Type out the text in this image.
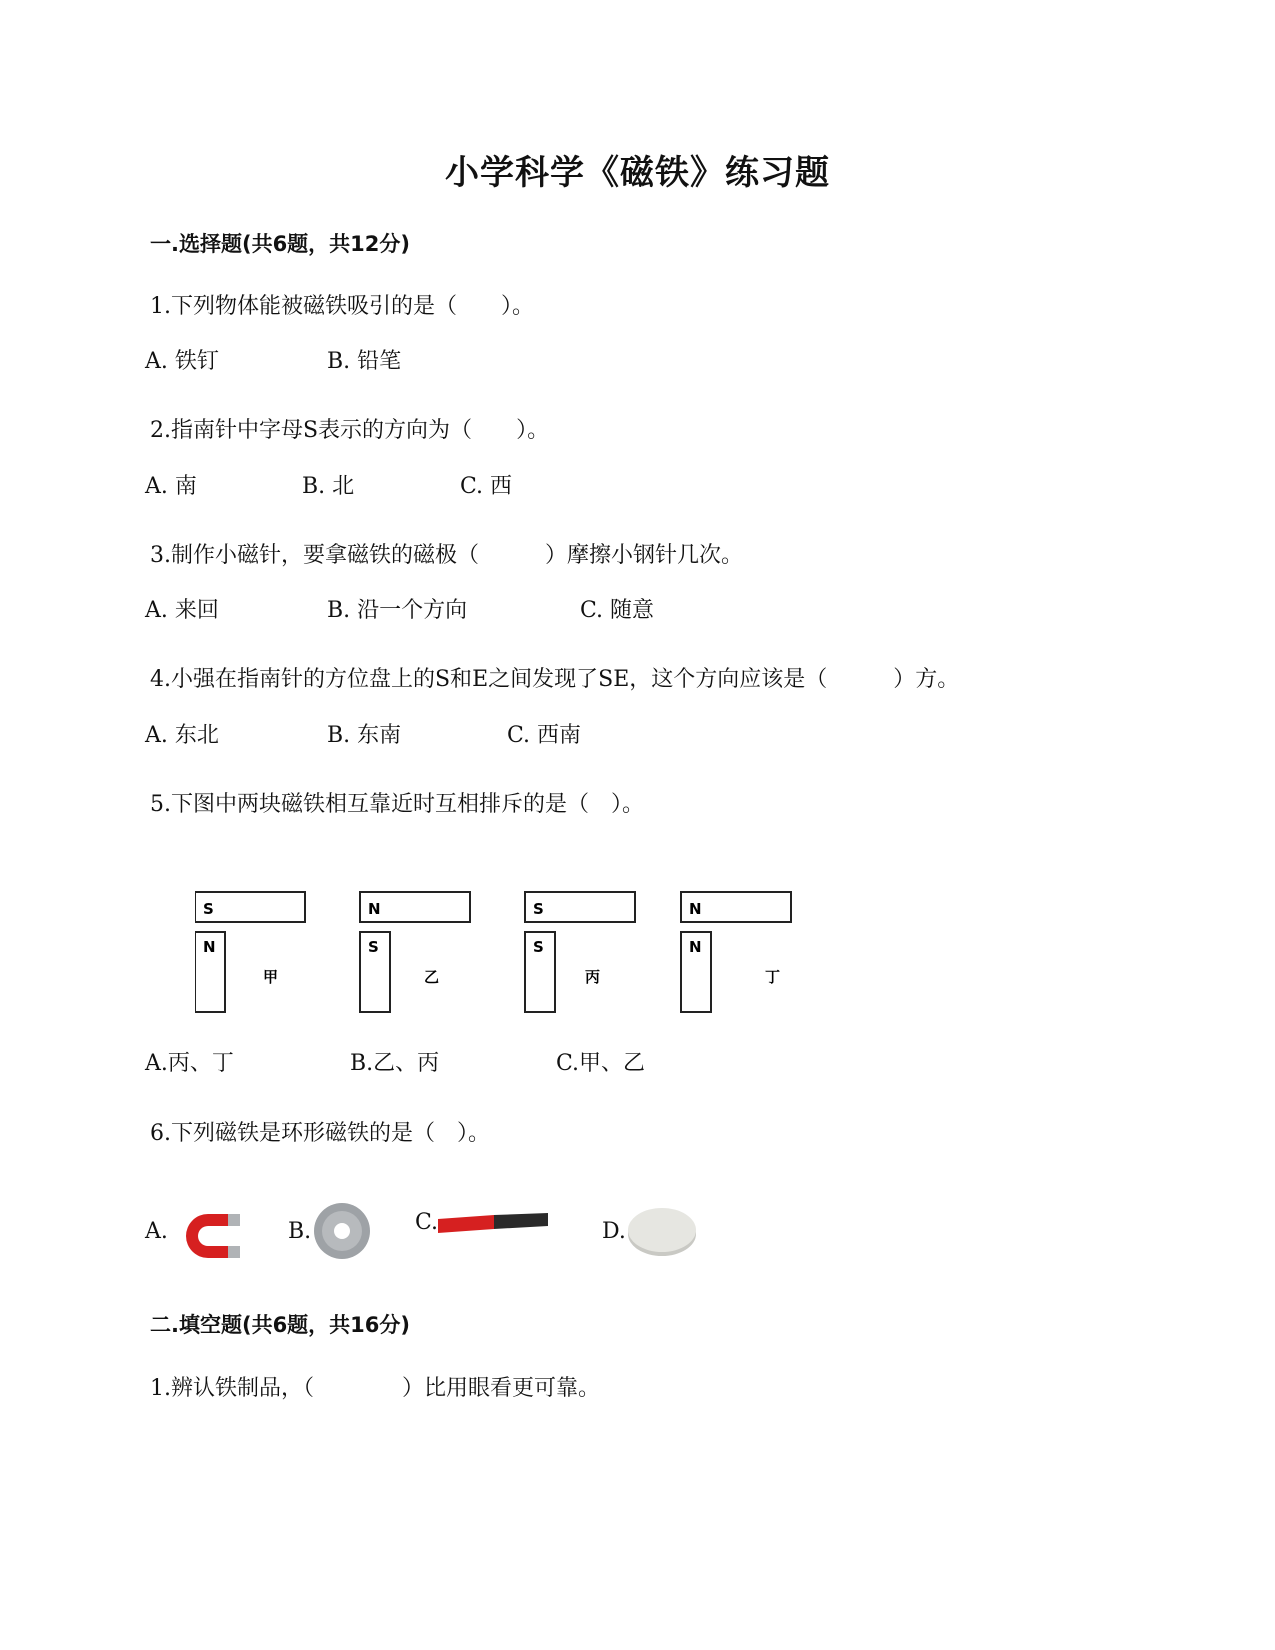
小学科学《磁铁》练习题
一.选择题(共6题，共12分)
1.下列物体能被磁铁吸引的是（　　）。
A. 铁钉	B. 铅笔
2.指南针中字母S表示的方向为（　　）。
A. 南	B. 北	C. 西
3.制作小磁针，要拿磁铁的磁极（　　　）摩擦小钢针几次。
A. 来回	B. 沿一个方向	C. 随意
4.小强在指南针的方位盘上的S和E之间发现了SE，这个方向应该是（　　　）方。
A. 东北	B. 东南	C. 西南
5.下图中两块磁铁相互靠近时互相排斥的是（　）。
S
N
甲
N
S
乙
S
S
丙
N
N
丁
A.丙、丁	B.乙、丙	C.甲、乙
6.下列磁铁是环形磁铁的是（　）。
A.	B.	C.	D.
二.填空题(共6题，共16分)
1.辨认铁制品，（　　　　）比用眼看更可靠。
